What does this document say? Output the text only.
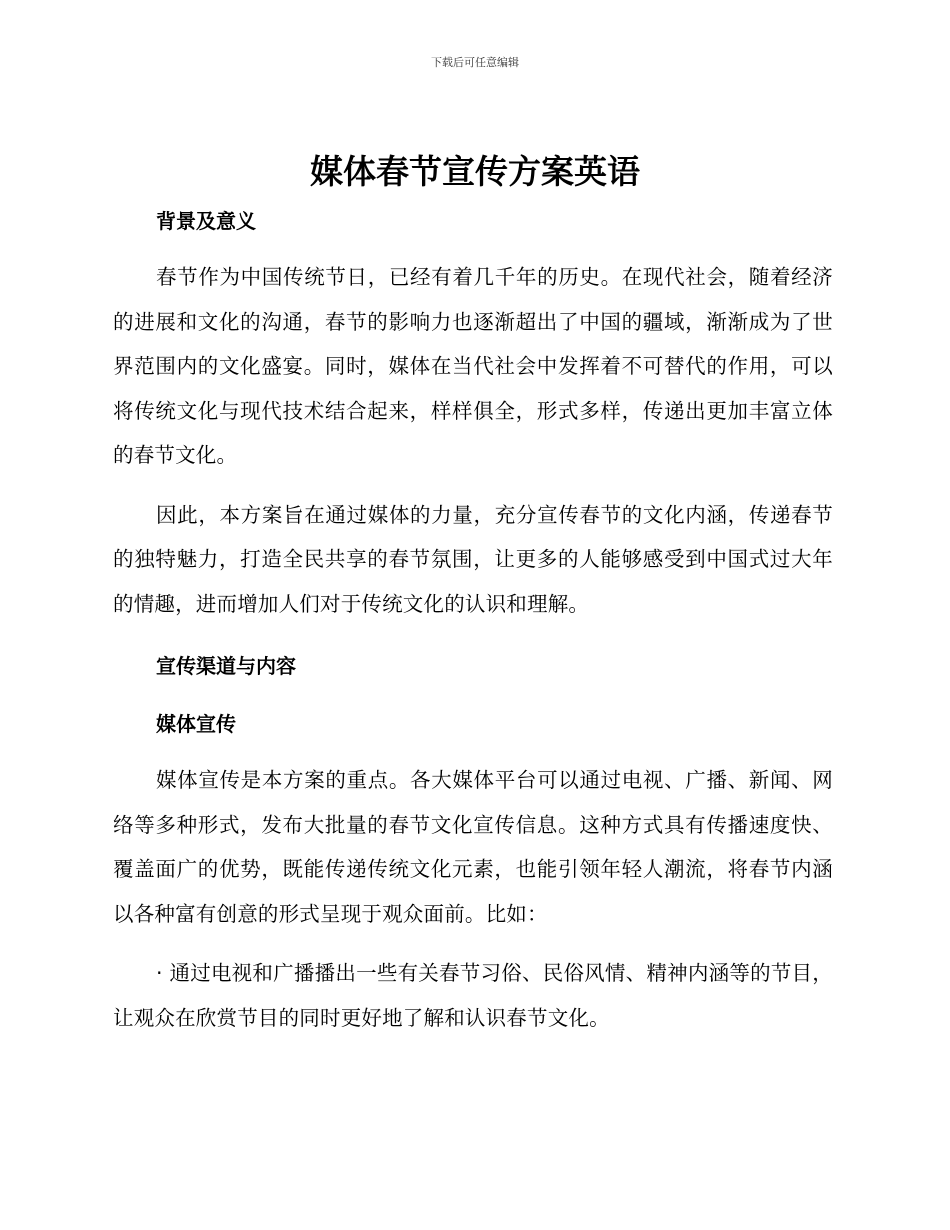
下载后可任意编辑
媒体春节宣传方案英语

背景及意义

春节作为中国传统节日，已经有着几千年的历史。在现代社会，随着经济的进展和文化的沟通，春节的影响力也逐渐超出了中国的疆域，渐渐成为了世界范围内的文化盛宴。同时，媒体在当代社会中发挥着不可替代的作用，可以将传统文化与现代技术结合起来，样样俱全，形式多样，传递出更加丰富立体的春节文化。

因此，本方案旨在通过媒体的力量，充分宣传春节的文化内涵，传递春节的独特魅力，打造全民共享的春节氛围，让更多的人能够感受到中国式过大年的情趣，进而增加人们对于传统文化的认识和理解。

宣传渠道与内容

媒体宣传

媒体宣传是本方案的重点。各大媒体平台可以通过电视、广播、新闻、网络等多种形式，发布大批量的春节文化宣传信息。这种方式具有传播速度快、覆盖面广的优势，既能传递传统文化元素，也能引领年轻人潮流，将春节内涵以各种富有创意的形式呈现于观众面前。比如：

· 通过电视和广播播出一些有关春节习俗、民俗风情、精神内涵等的节目，让观众在欣赏节目的同时更好地了解和认识春节文化。
